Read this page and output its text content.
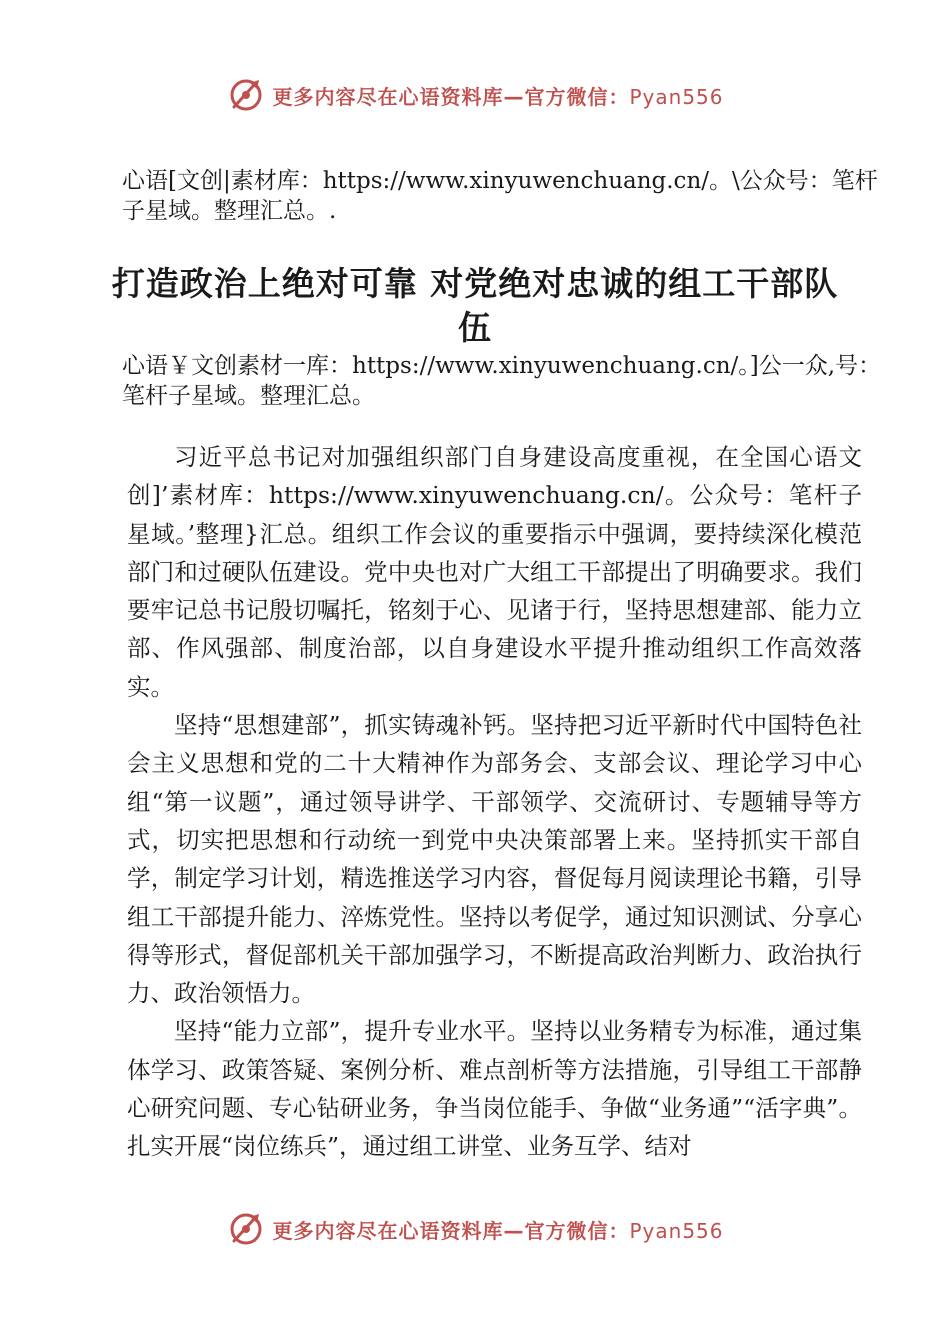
更多内容尽在心语资料库—官方微信：Pyan556
心语[文创|素材库：https://www.xinyuwenchuang.cn/。\公众号：笔杆子星域。整理汇总。.
打造政治上绝对可靠 对党绝对忠诚的组工干部队伍
心语￥文创素材一库：https://www.xinyuwenchuang.cn/。]公一众,号：笔杆子星域。整理汇总。

习近平总书记对加强组织部门自身建设高度重视，在全国心语文创]’素材库：https://www.xinyuwenchuang.cn/。公众号：笔杆子星域。’整理}汇总。组织工作会议的重要指示中强调，要持续深化模范部门和过硬队伍建设。党中央也对广大组工干部提出了明确要求。我们要牢记总书记殷切嘱托，铭刻于心、见诸于行，坚持思想建部、能力立部、作风强部、制度治部，以自身建设水平提升推动组织工作高效落实。

坚持“思想建部”，抓实铸魂补钙。坚持把习近平新时代中国特色社会主义思想和党的二十大精神作为部务会、支部会议、理论学习中心组“第一议题”，通过领导讲学、干部领学、交流研讨、专题辅导等方式，切实把思想和行动统一到党中央决策部署上来。坚持抓实干部自学，制定学习计划，精选推送学习内容，督促每月阅读理论书籍，引导组工干部提升能力、淬炼党性。坚持以考促学，通过知识测试、分享心得等形式，督促部机关干部加强学习，不断提高政治判断力、政治执行力、政治领悟力。

坚持“能力立部”，提升专业水平。坚持以业务精专为标准，通过集体学习、政策答疑、案例分析、难点剖析等方法措施，引导组工干部静心研究问题、专心钻研业务，争当岗位能手、争做“业务通”“活字典”。扎实开展“岗位练兵”，通过组工讲堂、业务互学、结对

更多内容尽在心语资料库—官方微信：Pyan556
